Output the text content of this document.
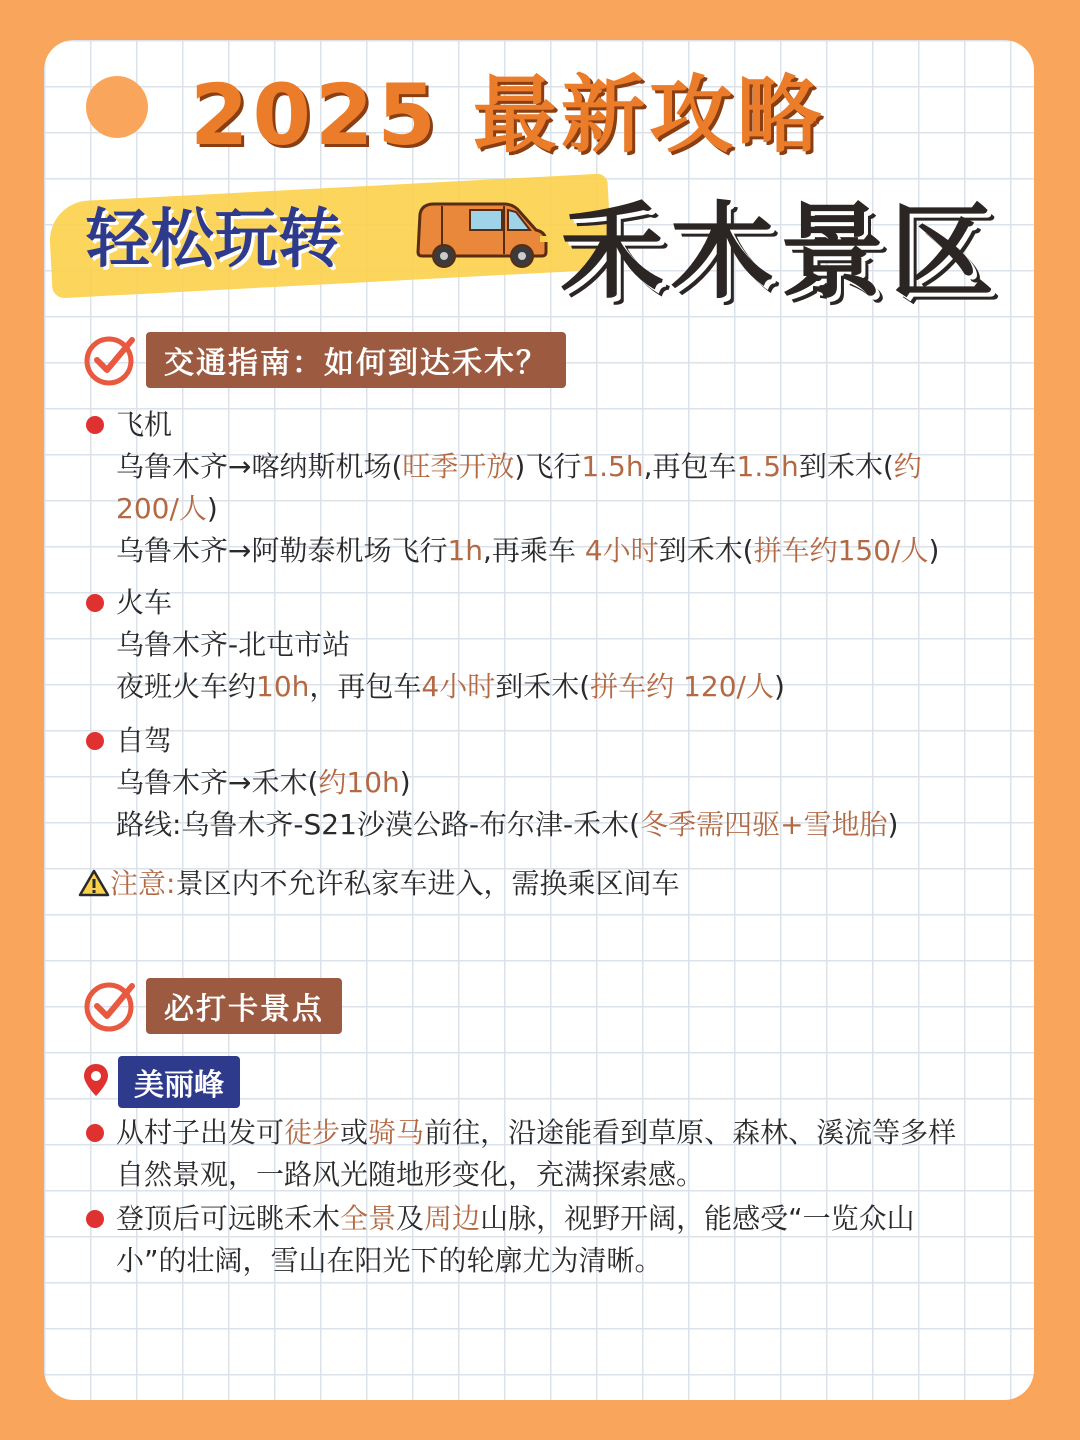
2025 最新攻略
轻松玩转 禾木景区
交通指南：如何到达禾木？
飞机
乌鲁木齐→喀纳斯机场(旺季开放)飞行1.5h,再包车1.5h到禾木(约
200/人)
乌鲁木齐→阿勒泰机场飞行1h,再乘车 4小时到禾木(拼车约150/人)
火车
乌鲁木齐-北屯市站
夜班火车约10h，再包车4小时到禾木(拼车约 120/人)
自驾
乌鲁木齐→禾木(约10h)
路线:乌鲁木齐-S21沙漠公路-布尔津-禾木(冬季需四驱+雪地胎)
注意:景区内不允许私家车进入，需换乘区间车
必打卡景点
美丽峰
从村子出发可徒步或骑马前往，沿途能看到草原、森林、溪流等多样
自然景观，一路风光随地形变化，充满探索感。
登顶后可远眺禾木全景及周边山脉，视野开阔，能感受“一览众山
小”的壮阔，雪山在阳光下的轮廓尤为清晰。
